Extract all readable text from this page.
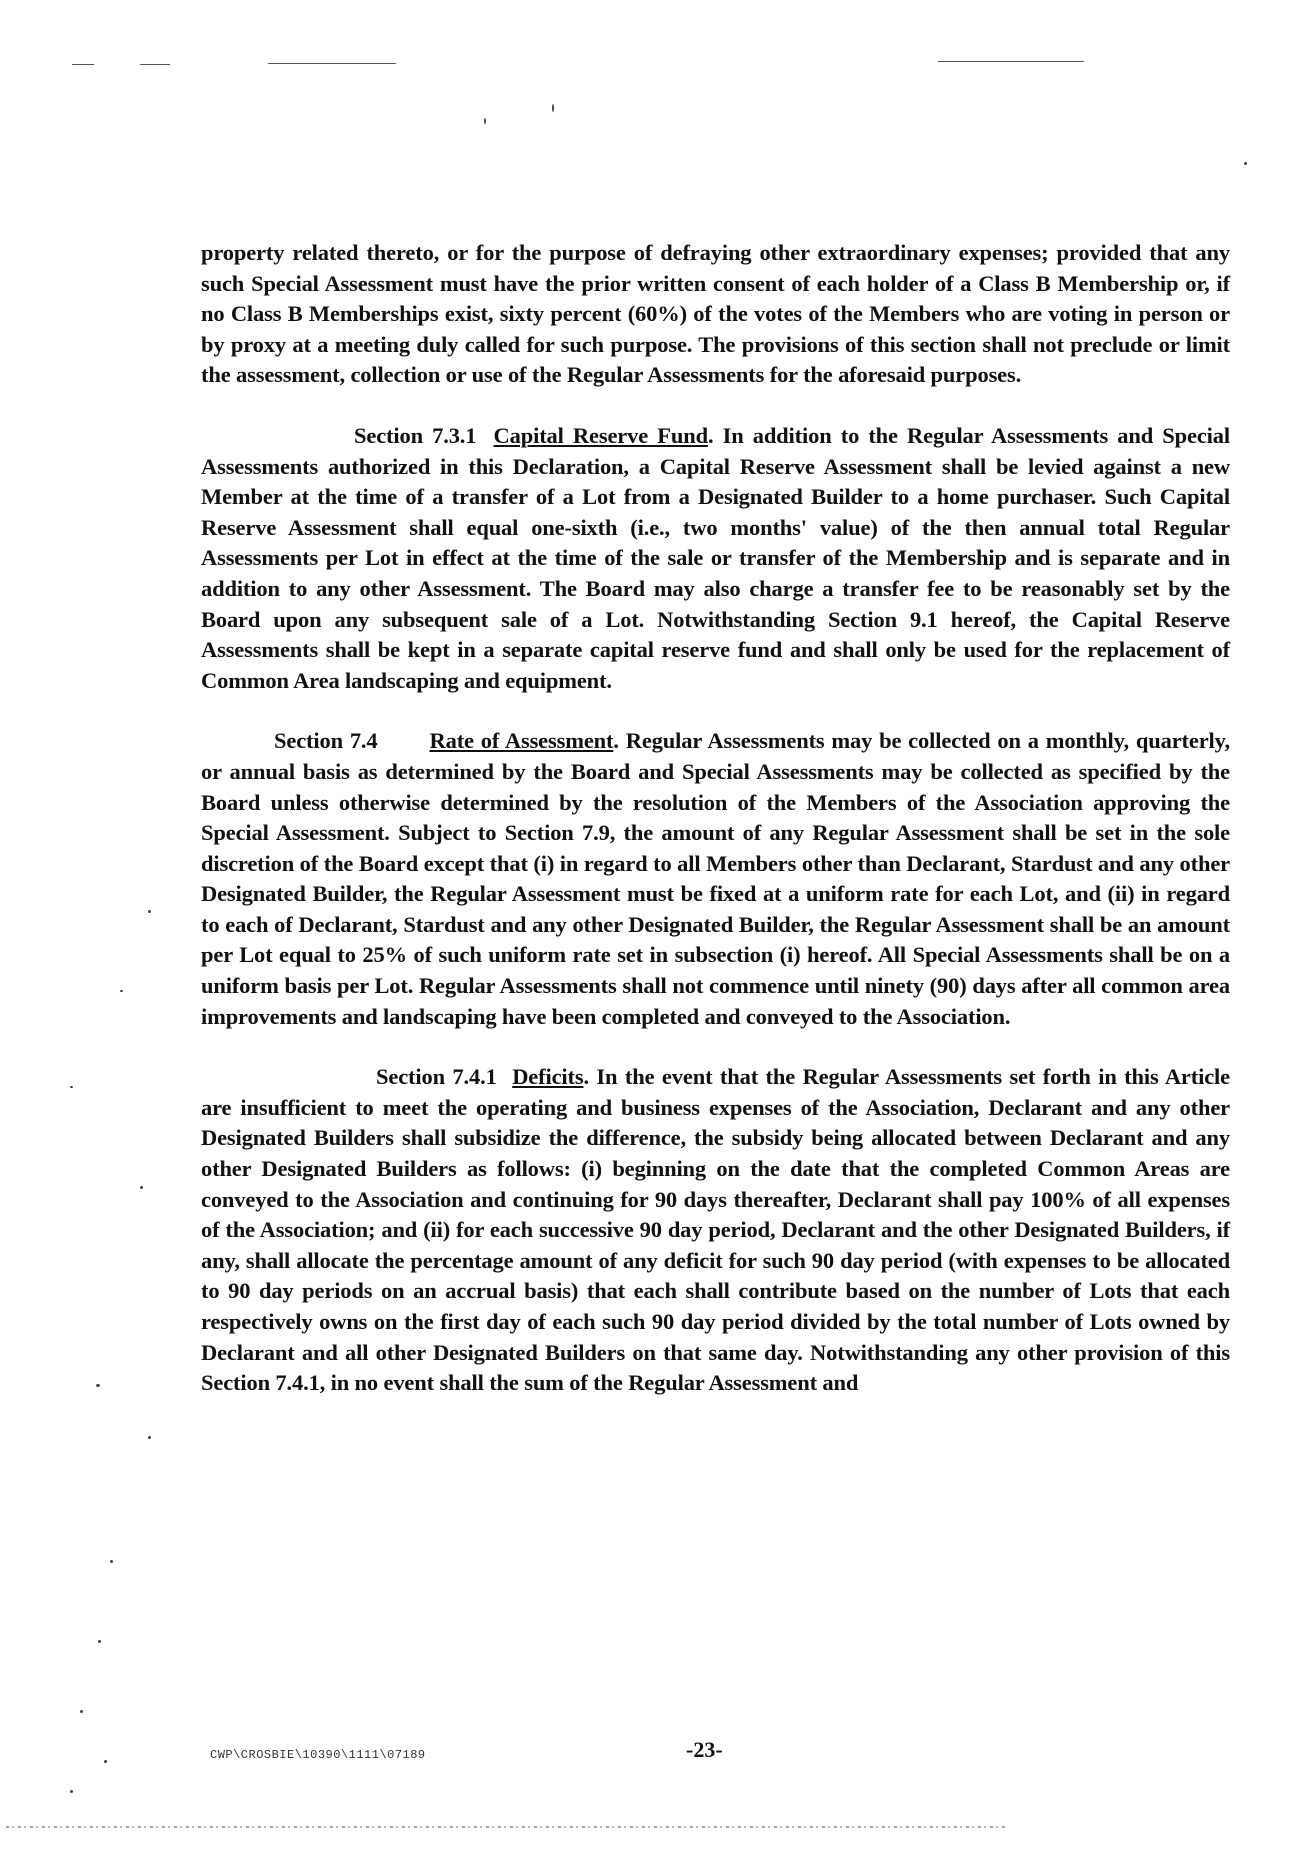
property related thereto, or for the purpose of defraying other extraordinary expenses; provided that any such Special Assessment must have the prior written consent of each holder of a Class B Membership or, if no Class B Memberships exist, sixty percent (60%) of the votes of the Members who are voting in person or by proxy at a meeting duly called for such purpose. The provisions of this section shall not preclude or limit the assessment, collection or use of the Regular Assessments for the aforesaid purposes.

Section 7.3.1 Capital Reserve Fund. In addition to the Regular Assessments and Special Assessments authorized in this Declaration, a Capital Reserve Assessment shall be levied against a new Member at the time of a transfer of a Lot from a Designated Builder to a home purchaser. Such Capital Reserve Assessment shall equal one-sixth (i.e., two months' value) of the then annual total Regular Assessments per Lot in effect at the time of the sale or transfer of the Membership and is separate and in addition to any other Assessment. The Board may also charge a transfer fee to be reasonably set by the Board upon any subsequent sale of a Lot. Notwithstanding Section 9.1 hereof, the Capital Reserve Assessments shall be kept in a separate capital reserve fund and shall only be used for the replacement of Common Area landscaping and equipment.

Section 7.4 Rate of Assessment. Regular Assessments may be collected on a monthly, quarterly, or annual basis as determined by the Board and Special Assessments may be collected as specified by the Board unless otherwise determined by the resolution of the Members of the Association approving the Special Assessment. Subject to Section 7.9, the amount of any Regular Assessment shall be set in the sole discretion of the Board except that (i) in regard to all Members other than Declarant, Stardust and any other Designated Builder, the Regular Assessment must be fixed at a uniform rate for each Lot, and (ii) in regard to each of Declarant, Stardust and any other Designated Builder, the Regular Assessment shall be an amount per Lot equal to 25% of such uniform rate set in subsection (i) hereof. All Special Assessments shall be on a uniform basis per Lot. Regular Assessments shall not commence until ninety (90) days after all common area improvements and landscaping have been completed and conveyed to the Association.

Section 7.4.1 Deficits. In the event that the Regular Assessments set forth in this Article are insufficient to meet the operating and business expenses of the Association, Declarant and any other Designated Builders shall subsidize the difference, the subsidy being allocated between Declarant and any other Designated Builders as follows: (i) beginning on the date that the completed Common Areas are conveyed to the Association and continuing for 90 days thereafter, Declarant shall pay 100% of all expenses of the Association; and (ii) for each successive 90 day period, Declarant and the other Designated Builders, if any, shall allocate the percentage amount of any deficit for such 90 day period (with expenses to be allocated to 90 day periods on an accrual basis) that each shall contribute based on the number of Lots that each respectively owns on the first day of each such 90 day period divided by the total number of Lots owned by Declarant and all other Designated Builders on that same day. Notwithstanding any other provision of this Section 7.4.1, in no event shall the sum of the Regular Assessment and

CWP\CROSBIE\10390\1111\07189	-23-
